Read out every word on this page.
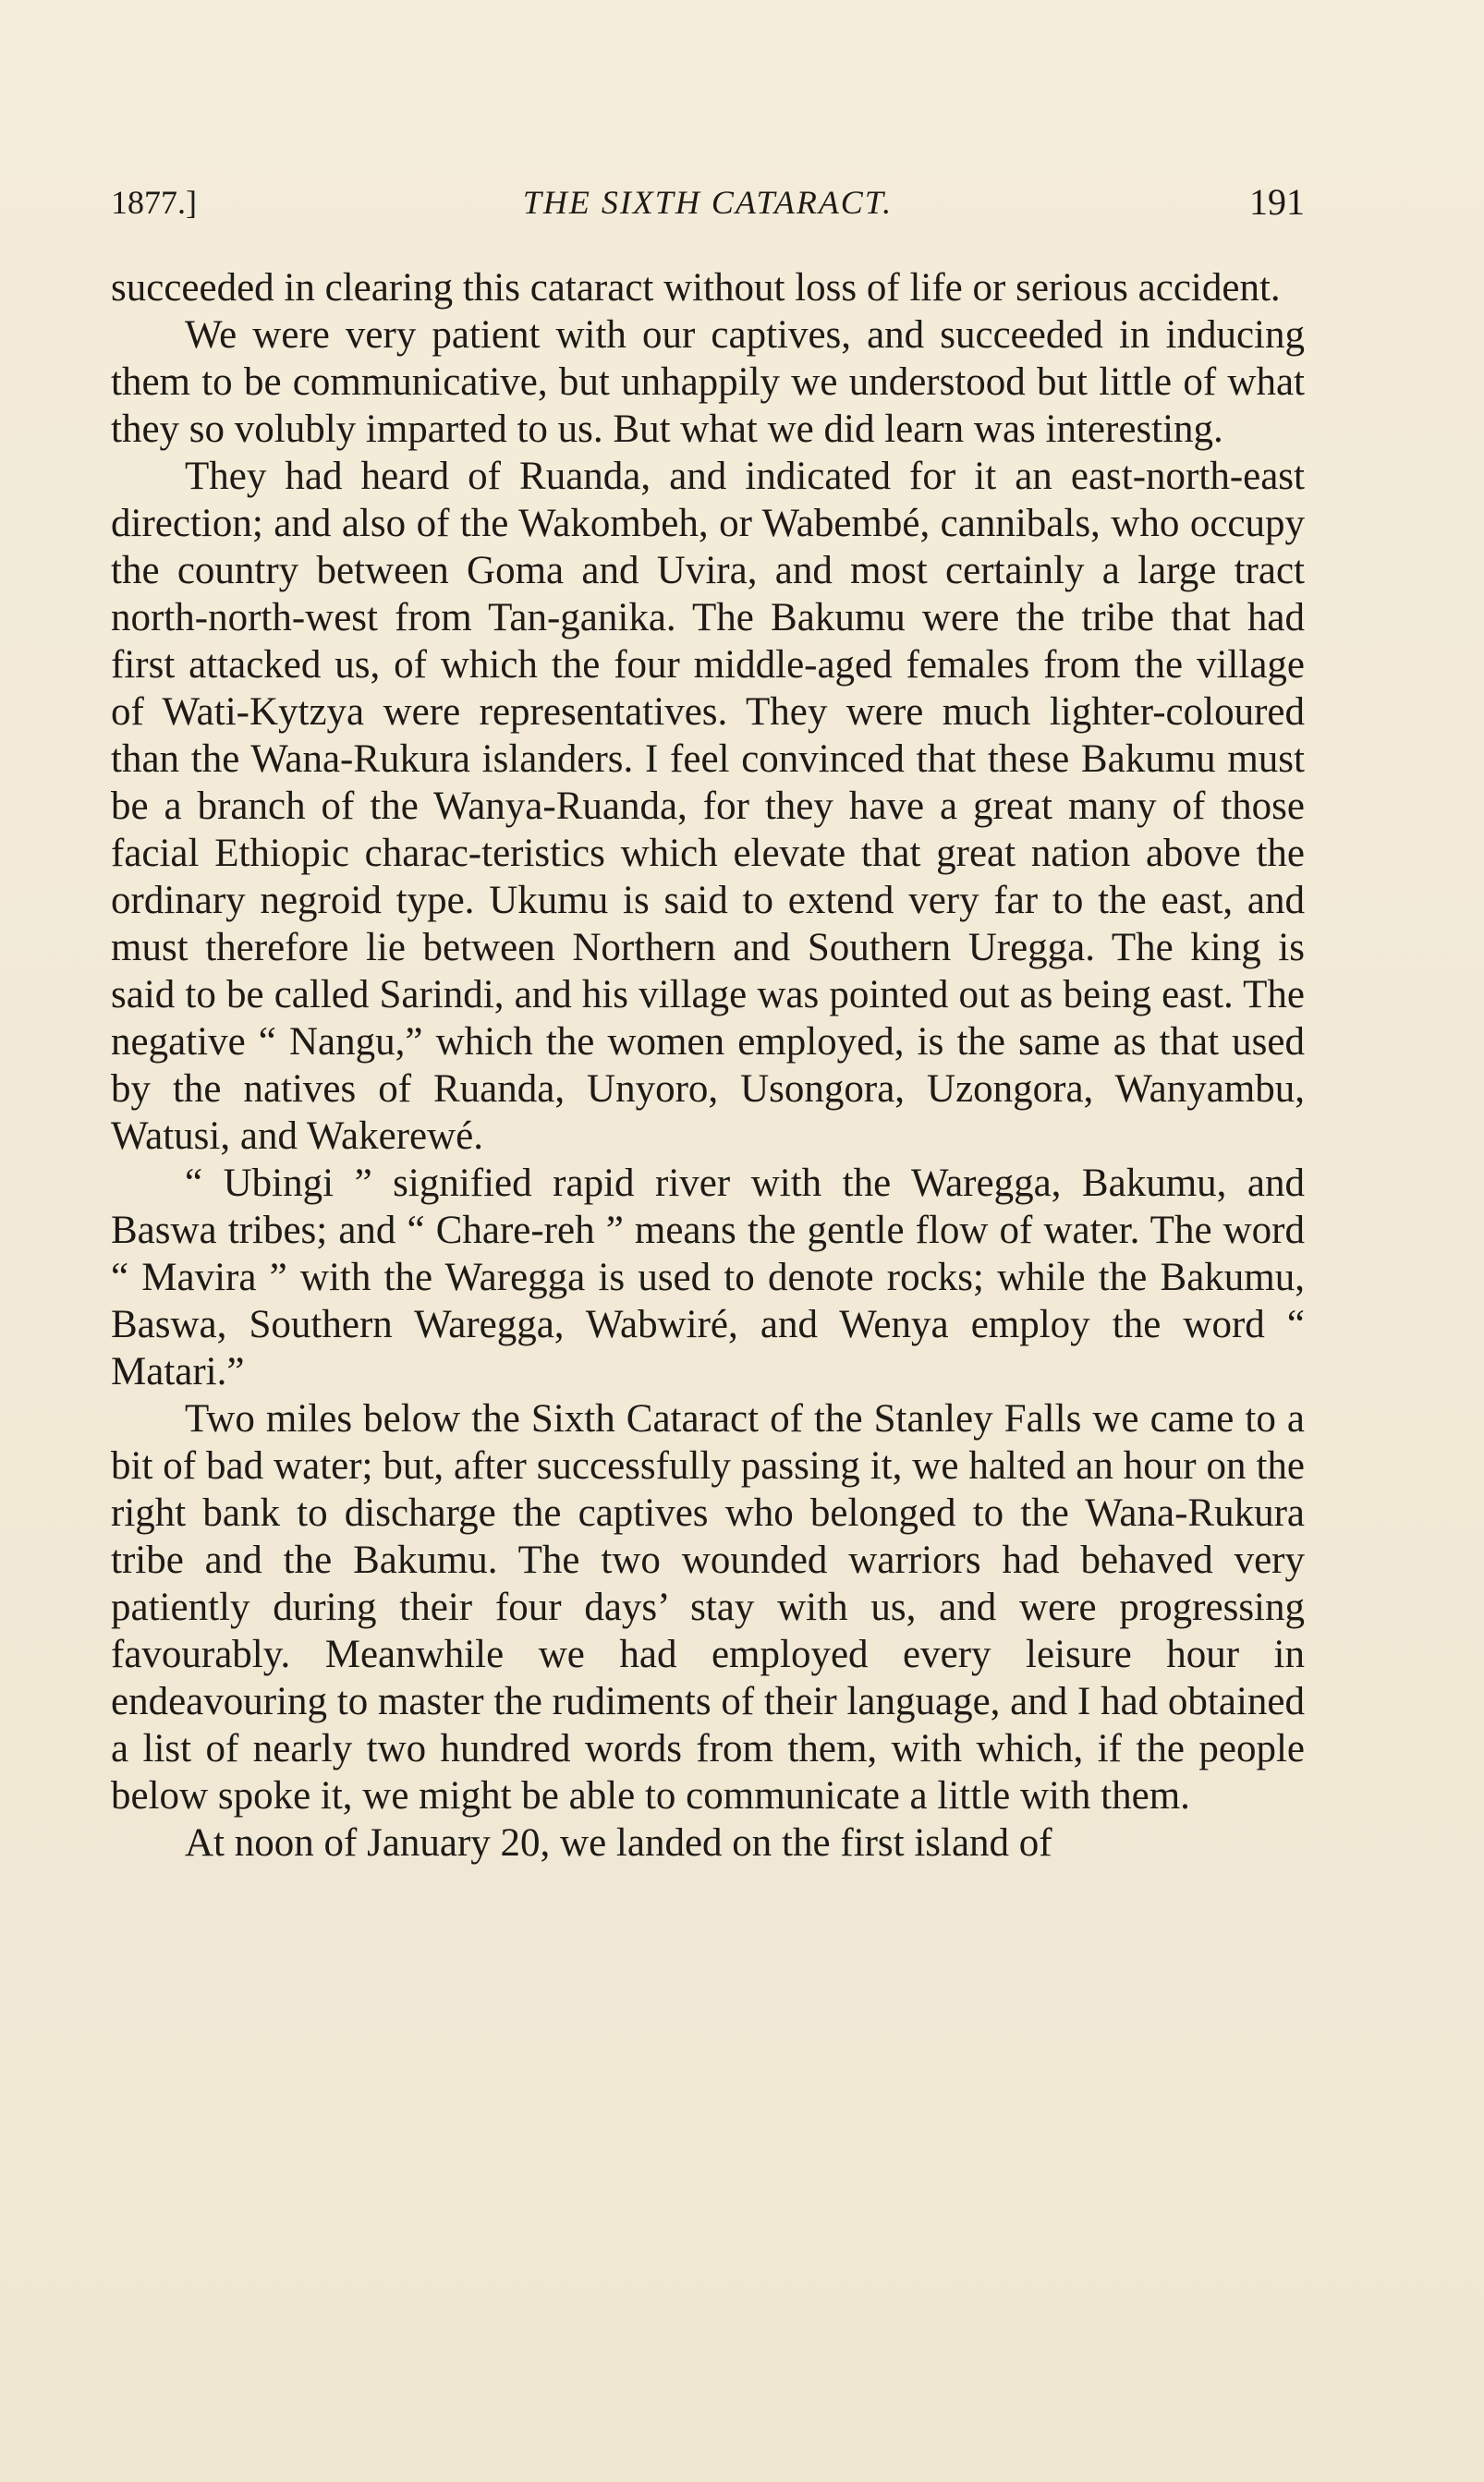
1877.]	THE SIXTH CATARACT.	191

succeeded in clearing this cataract without loss of life or serious accident.

We were very patient with our captives, and succeeded in inducing them to be communicative, but unhappily we understood but little of what they so volubly imparted to us. But what we did learn was interesting.

They had heard of Ruanda, and indicated for it an east-north-east direction; and also of the Wakombeh, or Wabembé, cannibals, who occupy the country between Goma and Uvira, and most certainly a large tract north-north-west from Tan-ganika. The Bakumu were the tribe that had first attacked us, of which the four middle-aged females from the village of Wati-Kytzya were representatives. They were much lighter-coloured than the Wana-Rukura islanders. I feel convinced that these Bakumu must be a branch of the Wanya-Ruanda, for they have a great many of those facial Ethiopic charac-teristics which elevate that great nation above the ordinary negroid type. Ukumu is said to extend very far to the east, and must therefore lie between Northern and Southern Uregga. The king is said to be called Sarindi, and his village was pointed out as being east. The negative “ Nangu,” which the women employed, is the same as that used by the natives of Ruanda, Unyoro, Usongora, Uzongora, Wanyambu, Watusi, and Wakerewé.

“ Ubingi ” signified rapid river with the Waregga, Bakumu, and Baswa tribes; and “ Chare-reh ” means the gentle flow of water. The word “ Mavira ” with the Waregga is used to denote rocks; while the Bakumu, Baswa, Southern Waregga, Wabwiré, and Wenya employ the word “ Matari.”

Two miles below the Sixth Cataract of the Stanley Falls we came to a bit of bad water; but, after successfully passing it, we halted an hour on the right bank to discharge the captives who belonged to the Wana-Rukura tribe and the Bakumu. The two wounded warriors had behaved very patiently during their four days’ stay with us, and were progressing favourably. Meanwhile we had employed every leisure hour in endeavouring to master the rudiments of their language, and I had obtained a list of nearly two hundred words from them, with which, if the people below spoke it, we might be able to communicate a little with them.

At noon of January 20, we landed on the first island of
